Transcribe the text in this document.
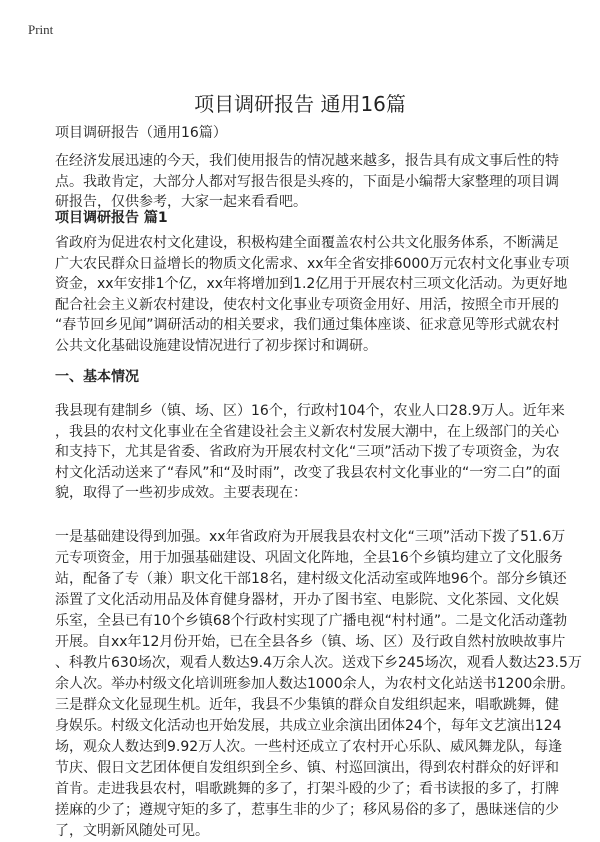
Print
项目调研报告 通用16篇
项目调研报告（通用16篇）
在经济发展迅速的今天，我们使用报告的情况越来越多，报告具有成文事后性的特
点。我敢肯定，大部分人都对写报告很是头疼的，下面是小编帮大家整理的项目调
研报告，仅供参考，大家一起来看看吧。
项目调研报告 篇1
省政府为促进农村文化建设，积极构建全面覆盖农村公共文化服务体系，不断满足
广大农民群众日益增长的物质文化需求、xx年全省安排6000万元农村文化事业专项
资金，xx年安排1个亿，xx年将增加到1.2亿用于开展农村三项文化活动。为更好地
配合社会主义新农村建设，使农村文化事业专项资金用好、用活，按照全市开展的
“春节回乡见闻”调研活动的相关要求，我们通过集体座谈、征求意见等形式就农村
公共文化基础设施建设情况进行了初步探讨和调研。
一、基本情况
我县现有建制乡（镇、场、区）16个，行政村104个，农业人口28.9万人。近年来
，我县的农村文化事业在全省建设社会主义新农村发展大潮中，在上级部门的关心
和支持下，尤其是省委、省政府为开展农村文化“三项”活动下拨了专项资金，为农
村文化活动送来了“春风”和“及时雨”，改变了我县农村文化事业的“一穷二白”的面
貌，取得了一些初步成效。主要表现在：
一是基础建设得到加强。xx年省政府为开展我县农村文化“三项”活动下拨了51.6万
元专项资金，用于加强基础建设、巩固文化阵地，全县16个乡镇均建立了文化服务
站，配备了专（兼）职文化干部18名，建村级文化活动室或阵地96个。部分乡镇还
添置了文化活动用品及体育健身器材，开办了图书室、电影院、文化茶园、文化娱
乐室，全县已有10个乡镇68个行政村实现了广播电视“村村通”。二是文化活动蓬勃
开展。自xx年12月份开始，已在全县各乡（镇、场、区）及行政自然村放映故事片
、科教片630场次，观看人数达9.4万余人次。送戏下乡245场次，观看人数达23.5万
余人次。举办村级文化培训班参加人数达1000余人，为农村文化站送书1200余册。
三是群众文化显现生机。近年，我县不少集镇的群众自发组织起来，唱歌跳舞，健
身娱乐。村级文化活动也开始发展，共成立业余演出团体24个，每年文艺演出124
场，观众人数达到9.92万人次。一些村还成立了农村开心乐队、威风舞龙队，每逢
节庆、假日文艺团体便自发组织到全乡、镇、村巡回演出，得到农村群众的好评和
首肯。走进我县农村，唱歌跳舞的多了，打架斗殴的少了；看书读报的多了，打牌
搓麻的少了；遵规守矩的多了，惹事生非的少了；移风易俗的多了，愚昧迷信的少
了，文明新风随处可见。
